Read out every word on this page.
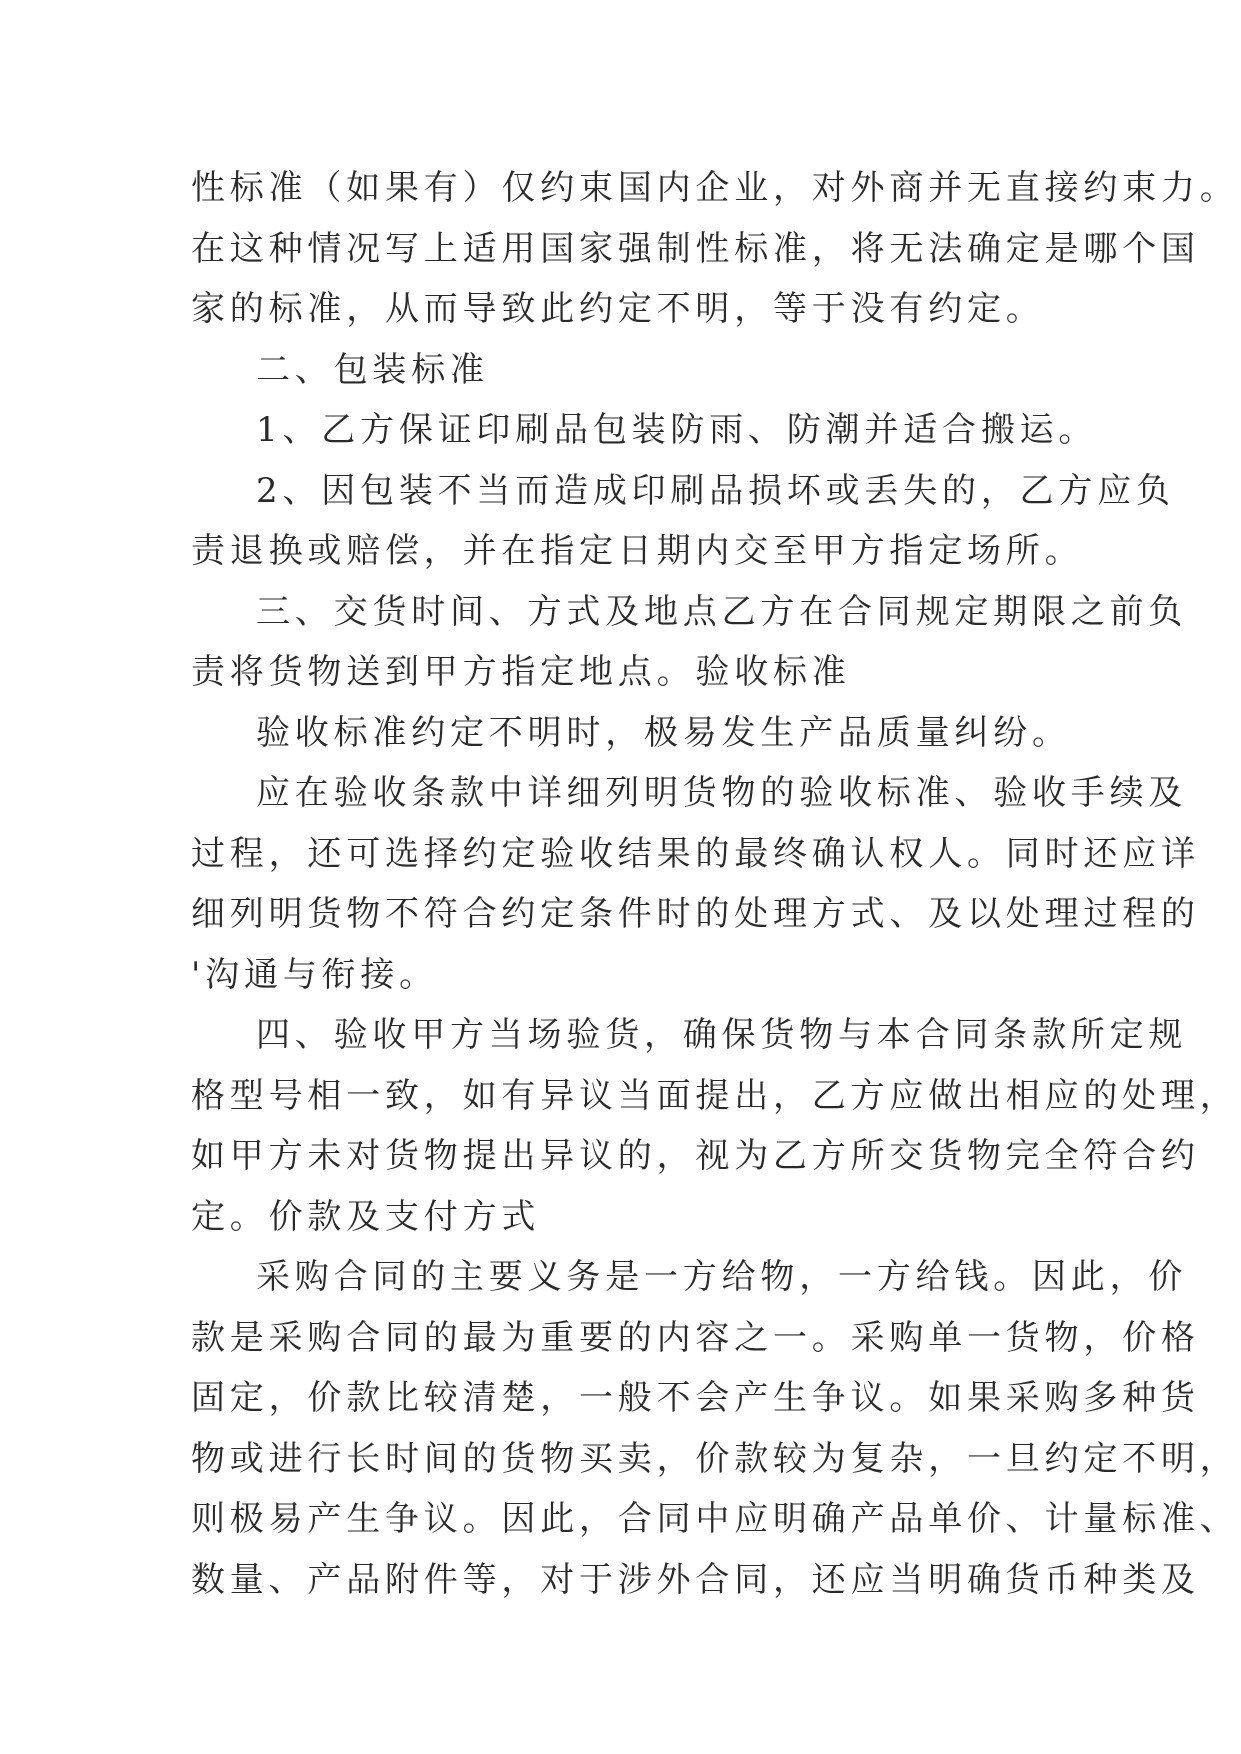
性标准（如果有）仅约束国内企业，对外商并无直接约束力。
在这种情况写上适用国家强制性标准，将无法确定是哪个国
家的标准，从而导致此约定不明，等于没有约定。
二、包装标准
1、乙方保证印刷品包装防雨、防潮并适合搬运。
2、因包装不当而造成印刷品损坏或丢失的，乙方应负
责退换或赔偿，并在指定日期内交至甲方指定场所。
三、交货时间、方式及地点乙方在合同规定期限之前负
责将货物送到甲方指定地点。验收标准
验收标准约定不明时，极易发生产品质量纠纷。
应在验收条款中详细列明货物的验收标准、验收手续及
过程，还可选择约定验收结果的最终确认权人。同时还应详
细列明货物不符合约定条件时的处理方式、及以处理过程的
'沟通与衔接。
四、验收甲方当场验货，确保货物与本合同条款所定规
格型号相一致，如有异议当面提出，乙方应做出相应的处理，
如甲方未对货物提出异议的，视为乙方所交货物完全符合约
定。价款及支付方式
采购合同的主要义务是一方给物，一方给钱。因此，价
款是采购合同的最为重要的内容之一。采购单一货物，价格
固定，价款比较清楚，一般不会产生争议。如果采购多种货
物或进行长时间的货物买卖，价款较为复杂，一旦约定不明，
则极易产生争议。因此，合同中应明确产品单价、计量标准、
数量、产品附件等，对于涉外合同，还应当明确货币种类及
